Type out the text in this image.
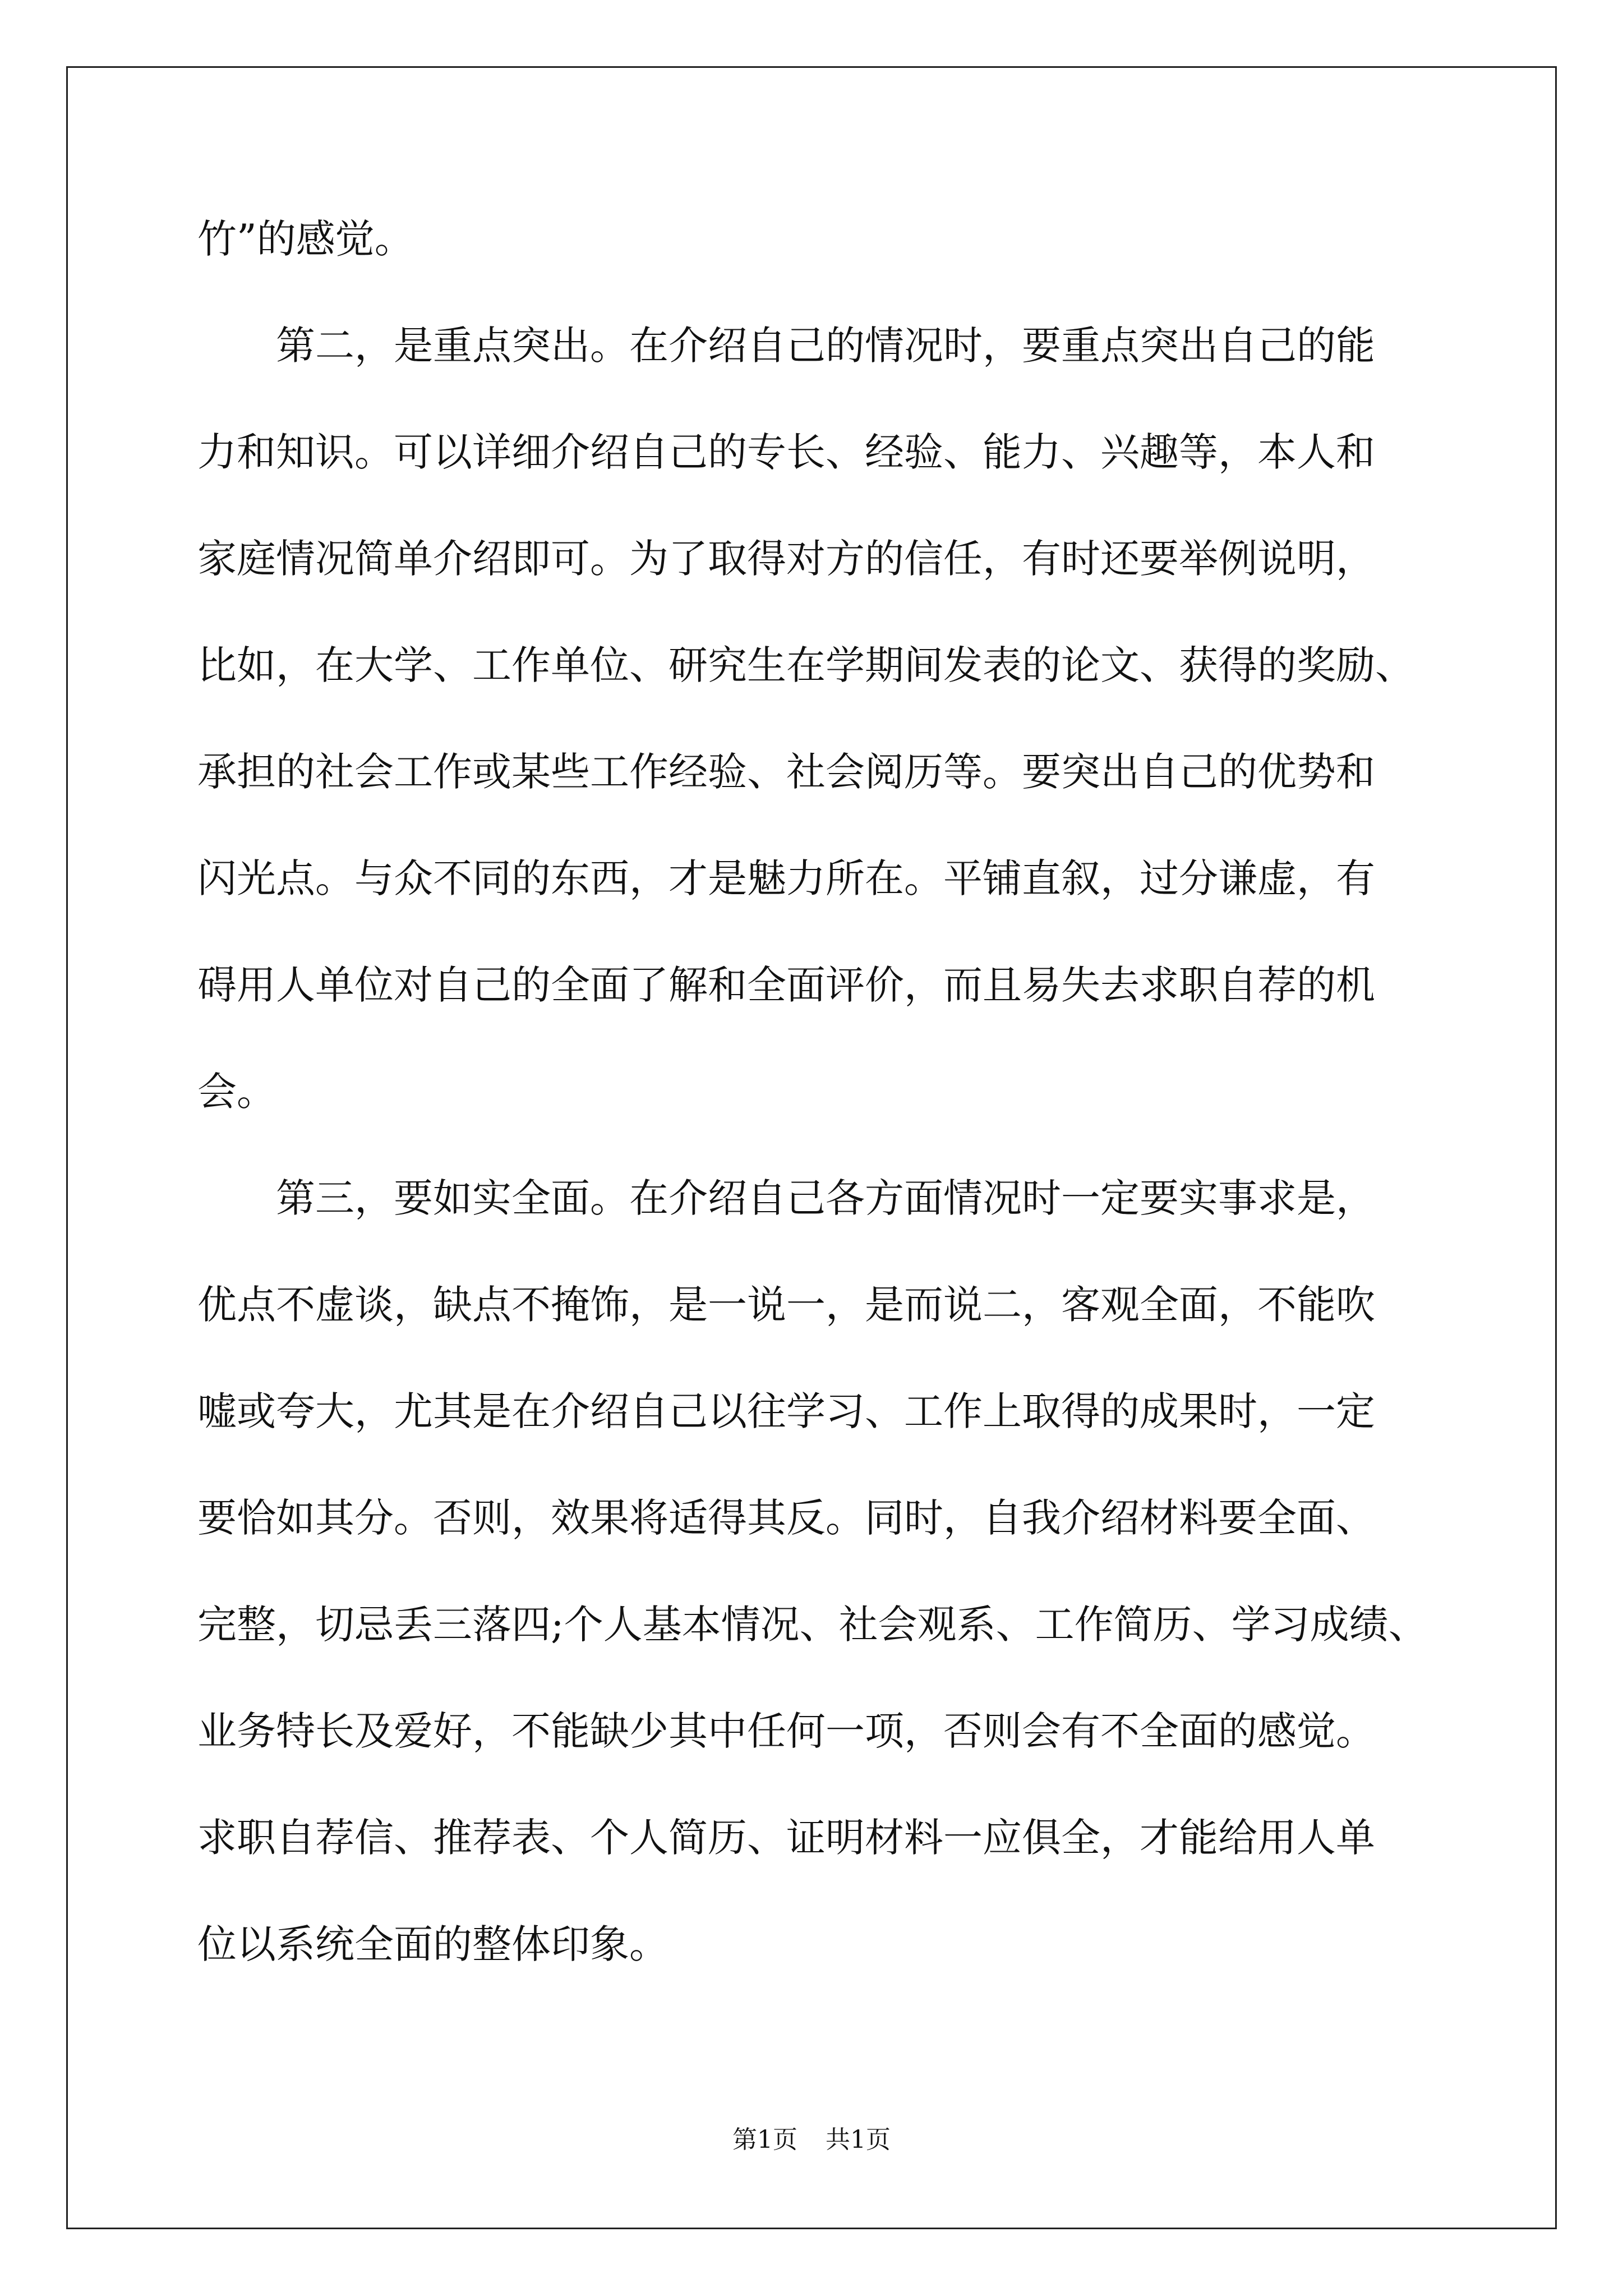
竹”的感觉。

第二，是重点突出。在介绍自己的情况时，要重点突出自己的能

力和知识。可以详细介绍自己的专长、经验、能力、兴趣等，本人和

家庭情况简单介绍即可。为了取得对方的信任，有时还要举例说明，

比如，在大学、工作单位、研究生在学期间发表的论文、获得的奖励、

承担的社会工作或某些工作经验、社会阅历等。要突出自己的优势和

闪光点。与众不同的东西，才是魅力所在。平铺直叙，过分谦虚，有

碍用人单位对自己的全面了解和全面评价，而且易失去求职自荐的机

会。

第三，要如实全面。在介绍自己各方面情况时一定要实事求是，

优点不虚谈，缺点不掩饰，是一说一，是而说二，客观全面，不能吹

嘘或夸大，尤其是在介绍自己以往学习、工作上取得的成果时，一定

要恰如其分。否则，效果将适得其反。同时，自我介绍材料要全面、

完整，切忌丢三落四;个人基本情况、社会观系、工作简历、学习成绩、

业务特长及爱好，不能缺少其中任何一项，否则会有不全面的感觉。

求职自荐信、推荐表、个人简历、证明材料一应俱全，才能给用人单

位以系统全面的整体印象。

第1页 共1页
